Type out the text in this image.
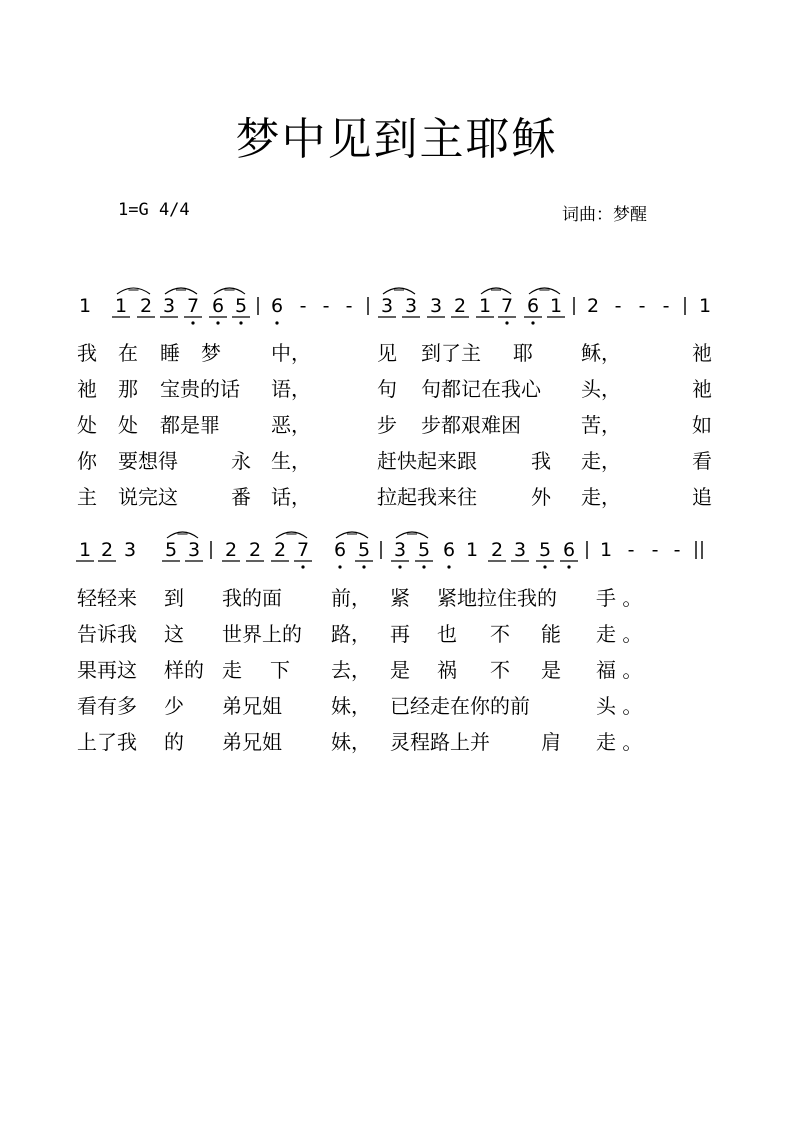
梦中见到主耶稣
1=G 4/4	词曲：梦醒
1 1 2 3 7 6 5 6 - - - 3 3 3 2 1 7 6 1 2 - - - 1
1 2 3 5 3 2 2 2 7 6 5 3 5 6 1 2 3 5 6 1 - - -
我 在 睡 梦	中，	见 到了主 耶 稣，	祂
祂 那 宝贵的话 语，	句 句都记在我心 头，	祂
处 处 都是罪	恶，	步 步都艰难困	苦，	如
你 要想得	永 生，	赶快起来跟	我 走，	看
主 说完这	番 话，	拉起我来往	外 走，	追
轻轻来 到 我的面 前， 紧 紧地拉住我的 手 。
告诉我 这 世界上的 路， 再 也 不 能 走 。
果再这 样的 走 下 去， 是 祸 不 是 福 。
看有多 少 弟兄姐 妹， 已经走在你的前	头 。
上了我 的 弟兄姐 妹， 灵程路上并	肩 走 。
